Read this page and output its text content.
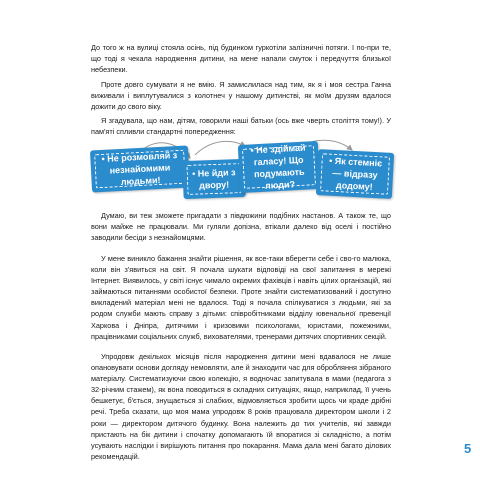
До того ж на вулиці стояла осінь, під будинком гуркотіли залізничні потяги. І по-при те, що тоді я чекала народження дитини, на мене напали смуток і передчуття близької небезпеки.

Проте довго сумувати я не вмію. Я замислилася над тим, як я і моя сестра Ганна виживали і виплутувалися з колотнеч у нашому дитинстві, як моїм друзям вдалося дожити до свого віку.

Я згадувала, що нам, дітям, говорили наші батьки (ось вже чверть століття тому!). У пам'яті спливли стандартні попередження:

• Не розмовляй з незнайомими людьми!
• Не йди з двору!
• Не здіймай галасу! Що подумають люди?
• Як стемніє — відразу додому!

Думаю, ви теж зможете пригадати з півдюжини подібних настанов. А також те, що вони майже не працювали. Ми гуляли допізна, втікали далеко від оселі і постійно заводили бесіди з незнайомцями.

У мене виникло бажання знайти рішення, як все-таки вберегти себе і сво-го малюка, коли він з'явиться на світ. Я почала шукати відповіді на свої запитання в мережі Інтернет. Виявилось, у світі існує чимало окремих фахівців і навіть цілих організацій, які займаються питаннями особистої безпеки. Проте знайти систематизований і доступно викладений матеріал мені не вдалося. Тоді я почала спілкуватися з людьми, які за родом служби мають справу з дітьми: співробітниками відділу ювенальної превенції Харкова і Дніпра, дитячими і кризовими психологами, юристами, пожежними, працівниками соціальних служб, вихователями, тренерами дитячих спортивних секцій.

Упродовж декількох місяців після народження дитини мені вдавалося не лише опановувати основи догляду немовляти, але й знаходити час для обробляння зібраного матеріалу. Систематизуючи свою колекцію, я водночас запитувала в мами (педагога з 32-річним стажем), як вона поводиться в складних ситуаціях, якщо, наприклад, її учень бешкетує, б'ється, знущається зі слабких, відмовляється зробити щось чи краде дрібні речі. Треба сказати, що моя мама упродовж 8 років працювала директором школи і 2 роки — директором дитячого будинку. Вона належить до тих учителів, які завжди пристають на бік дитини і спочатку допомагають їй впоратися зі складністю, а потім усувають наслідки і вирішують питання про покарання. Мама дала мені багато ділових рекомендацій.

5
